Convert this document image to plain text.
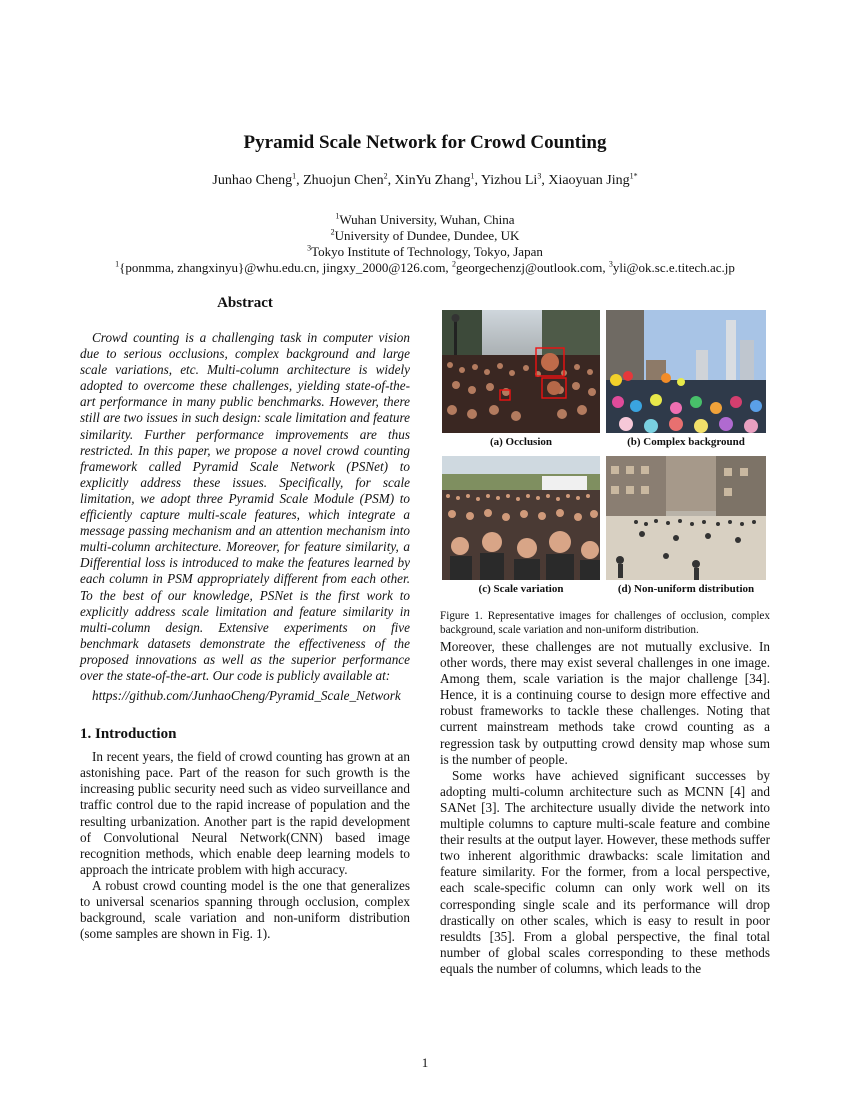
Pyramid Scale Network for Crowd Counting
Junhao Cheng$^1$, Zhuojun Chen$^2$, XinYu Zhang$^1$, Yizhou Li$^3$, Xiaoyuan Jing$^{1*}$
$^1$Wuhan University, Wuhan, China
$^2$University of Dundee, Dundee, UK
$^3$Tokyo Institute of Technology, Tokyo, Japan
$^1${ponmma, zhangxinyu}@whu.edu.cn, jingxy_2000@126.com, $^2$georgechenzj@outlook.com, $^3$yli@ok.sc.e.titech.ac.jp
Abstract

Crowd counting is a challenging task in computer vision due to serious occlusions, complex background and large scale variations, etc. Multi-column architecture is widely adopted to overcome these challenges, yielding state-of-the-art performance in many public benchmarks. However, there still are two issues in such design: scale limitation and feature similarity. Further performance improvements are thus restricted. In this paper, we propose a novel crowd counting framework called Pyramid Scale Network (PSNet) to explicitly address these issues. Specifically, for scale limitation, we adopt three Pyramid Scale Module (PSM) to efficiently capture multi-scale features, which integrate a message passing mechanism and an attention mechanism into multi-column architecture. Moreover, for feature similarity, a Differential loss is introduced to make the features learned by each column in PSM appropriately different from each other. To the best of our knowledge, PSNet is the first work to explicitly address scale limitation and feature similarity in multi-column design. Extensive experiments on five benchmark datasets demonstrate the effectiveness of the proposed innovations as well as the superior performance over the state-of-the-art. Our code is publicly available at:

https://github.com/JunhaoCheng/Pyramid_Scale_Network
1. Introduction

In recent years, the field of crowd counting has grown at an astonishing pace. Part of the reason for such growth is the increasing public security need such as video surveillance and traffic control due to the rapid increase of population and the resulting urbanization. Another part is the rapid development of Convolutional Neural Network(CNN) based image recognition methods, which enable deep learning models to approach the intricate problem with high accuracy.

A robust crowd counting model is the one that generalizes to universal scenarios spanning through occlusion, complex background, scale variation and non-uniform distribution (some samples are shown in Fig. 1).

(a) Occlusion	(b) Complex background
(c) Scale variation	(d) Non-uniform distribution
Figure 1. Representative images for challenges of occlusion, complex background, scale variation and non-uniform distribution.

Moreover, these challenges are not mutually exclusive. In other words, there may exist several challenges in one image. Among them, scale variation is the major challenge [34]. Hence, it is a continuing course to design more effective and robust frameworks to tackle these challenges. Noting that current mainstream methods take crowd counting as a regression task by outputting crowd density map whose sum is the number of people.

Some works have achieved significant successes by adopting multi-column architecture such as MCNN [4] and SANet [3]. The architecture usually divide the network into multiple columns to capture multi-scale feature and combine their results at the output layer. However, these methods suffer two inherent algorithmic drawbacks: scale limitation and feature similarity. For the former, from a local perspective, each scale-specific column can only work well on its corresponding single scale and its performance will drop drastically on other scales, which is easy to result in poor resuldts [35]. From a global perspective, the final total number of global scales corresponding to these methods equals the number of columns, which leads to the

1
